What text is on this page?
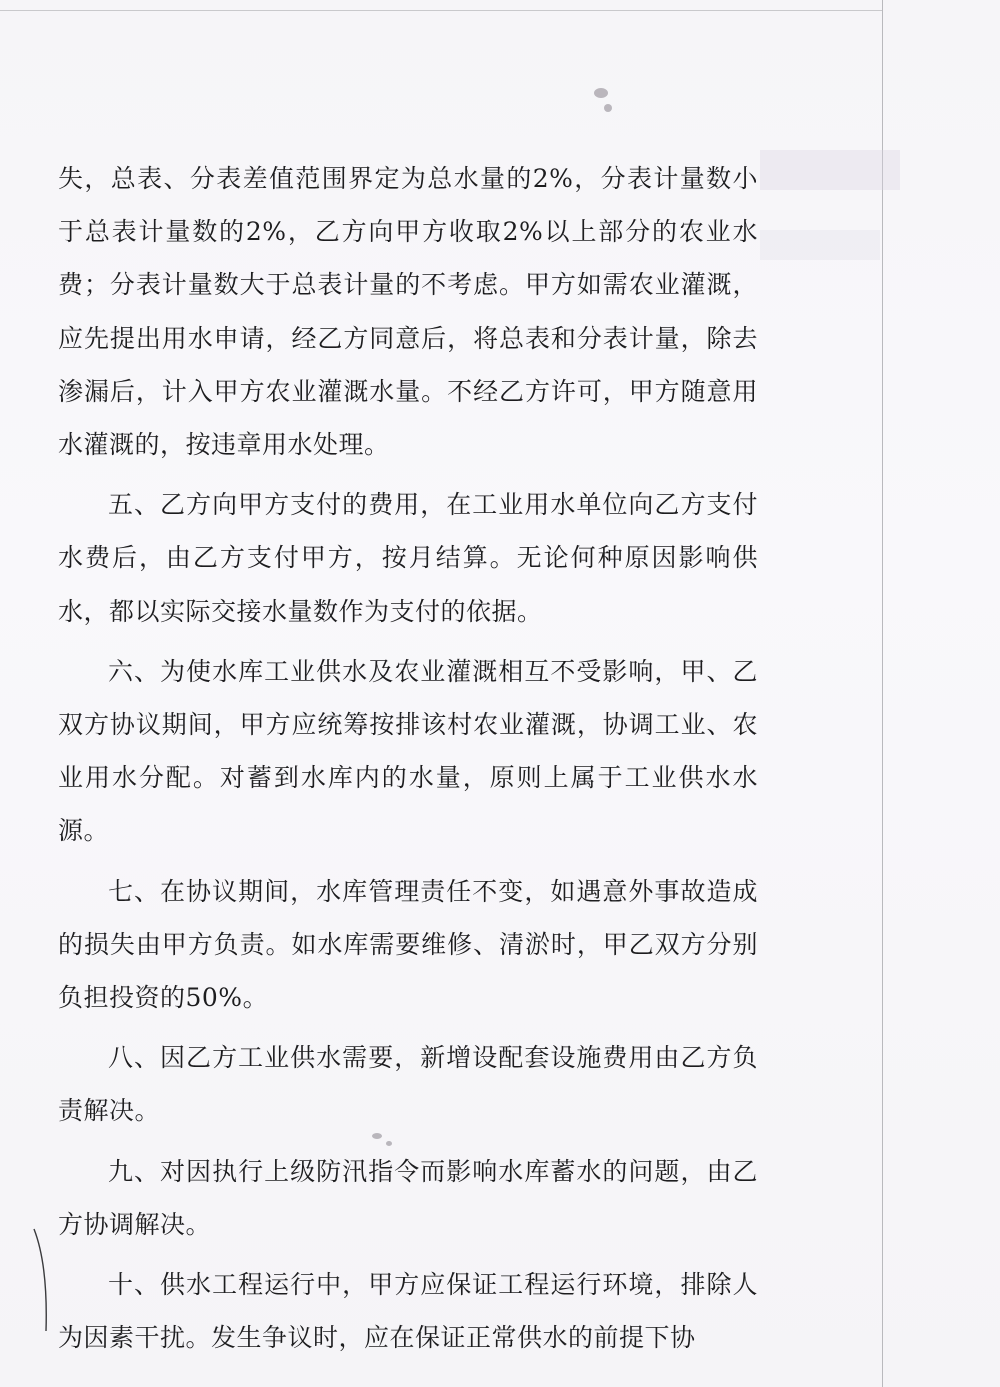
失，总表、分表差值范围界定为总水量的2%，分表计量数小于总表计量数的2%，乙方向甲方收取2%以上部分的农业水费；分表计量数大于总表计量的不考虑。甲方如需农业灌溉，应先提出用水申请，经乙方同意后，将总表和分表计量，除去渗漏后，计入甲方农业灌溉水量。不经乙方许可，甲方随意用水灌溉的，按违章用水处理。

五、乙方向甲方支付的费用，在工业用水单位向乙方支付水费后，由乙方支付甲方，按月结算。无论何种原因影响供水，都以实际交接水量数作为支付的依据。

六、为使水库工业供水及农业灌溉相互不受影响，甲、乙双方协议期间，甲方应统筹按排该村农业灌溉，协调工业、农业用水分配。对蓄到水库内的水量，原则上属于工业供水水源。

七、在协议期间，水库管理责任不变，如遇意外事故造成的损失由甲方负责。如水库需要维修、清淤时，甲乙双方分别负担投资的50%。

八、因乙方工业供水需要，新增设配套设施费用由乙方负责解决。

九、对因执行上级防汛指令而影响水库蓄水的问题，由乙方协调解决。

十、供水工程运行中，甲方应保证工程运行环境，排除人为因素干扰。发生争议时，应在保证正常供水的前提下协
